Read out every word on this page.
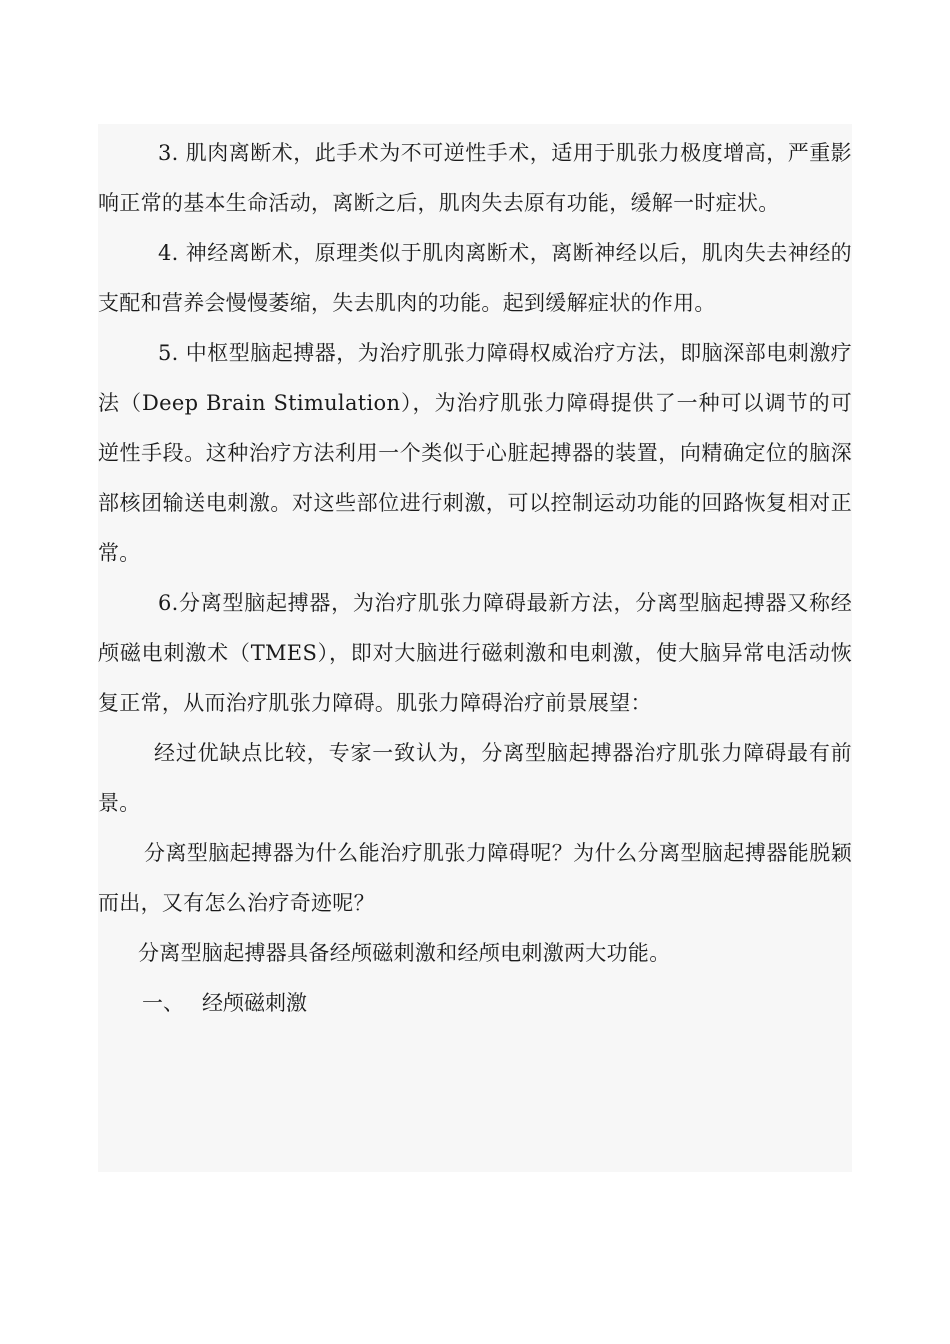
3. 肌肉离断术，此手术为不可逆性手术，适用于肌张力极度增高，严重影响正常的基本生命活动，离断之后，肌肉失去原有功能，缓解一时症状。

4. 神经离断术，原理类似于肌肉离断术，离断神经以后，肌肉失去神经的支配和营养会慢慢萎缩，失去肌肉的功能。起到缓解症状的作用。

5. 中枢型脑起搏器，为治疗肌张力障碍权威治疗方法，即脑深部电刺激疗法（Deep Brain Stimulation），为治疗肌张力障碍提供了一种可以调节的可逆性手段。这种治疗方法利用一个类似于心脏起搏器的装置，向精确定位的脑深部核团输送电刺激。对这些部位进行刺激，可以控制运动功能的回路恢复相对正常。

6.分离型脑起搏器，为治疗肌张力障碍最新方法，分离型脑起搏器又称经颅磁电刺激术（TMES），即对大脑进行磁刺激和电刺激，使大脑异常电活动恢复正常，从而治疗肌张力障碍。肌张力障碍治疗前景展望：

经过优缺点比较，专家一致认为，分离型脑起搏器治疗肌张力障碍最有前景。

分离型脑起搏器为什么能治疗肌张力障碍呢？为什么分离型脑起搏器能脱颖而出，又有怎么治疗奇迹呢？

分离型脑起搏器具备经颅磁刺激和经颅电刺激两大功能。

一、 经颅磁刺激
